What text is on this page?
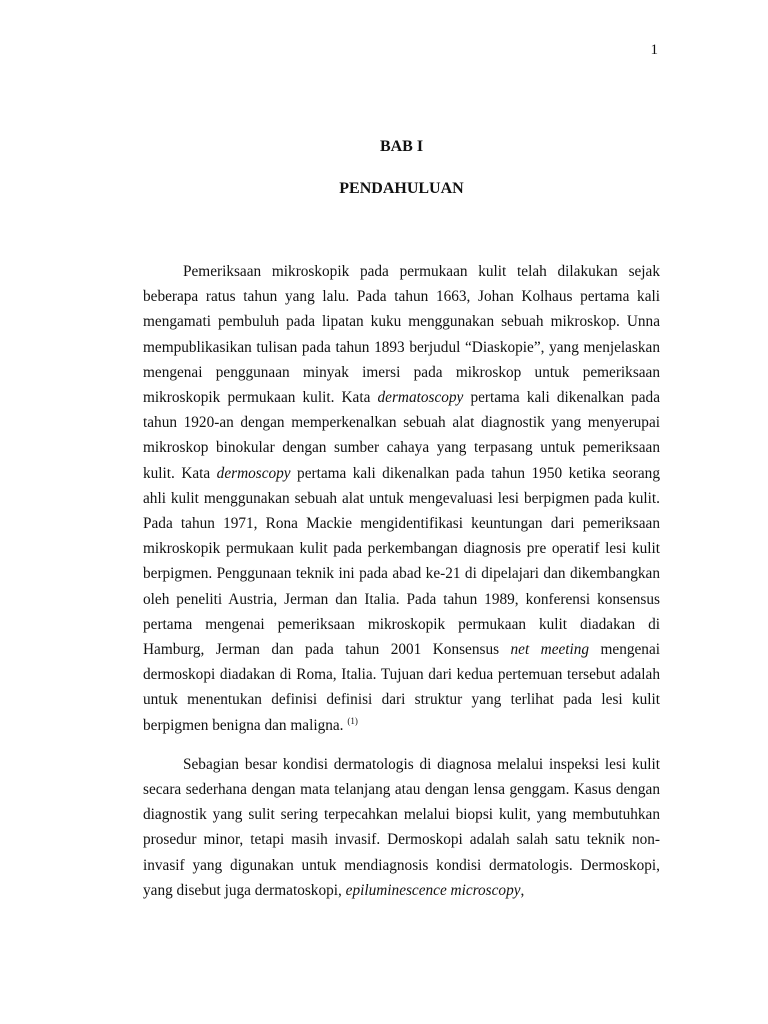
1
BAB I
PENDAHULUAN

Pemeriksaan mikroskopik pada permukaan kulit telah dilakukan sejak beberapa ratus tahun yang lalu. Pada tahun 1663, Johan Kolhaus pertama kali mengamati pembuluh pada lipatan kuku menggunakan sebuah mikroskop. Unna mempublikasikan tulisan pada tahun 1893 berjudul “Diaskopie”, yang menjelaskan mengenai penggunaan minyak imersi pada mikroskop untuk pemeriksaan mikroskopik permukaan kulit. Kata dermatoscopy pertama kali dikenalkan pada tahun 1920-an dengan memperkenalkan sebuah alat diagnostik yang menyerupai mikroskop binokular dengan sumber cahaya yang terpasang untuk pemeriksaan kulit. Kata dermoscopy pertama kali dikenalkan pada tahun 1950 ketika seorang ahli kulit menggunakan sebuah alat untuk mengevaluasi lesi berpigmen pada kulit. Pada tahun 1971, Rona Mackie mengidentifikasi keuntungan dari pemeriksaan mikroskopik permukaan kulit pada perkembangan diagnosis pre operatif lesi kulit berpigmen. Penggunaan teknik ini pada abad ke-21 di dipelajari dan dikembangkan oleh peneliti Austria, Jerman dan Italia. Pada tahun 1989, konferensi konsensus pertama mengenai pemeriksaan mikroskopik permukaan kulit diadakan di Hamburg, Jerman dan pada tahun 2001 Konsensus net meeting mengenai dermoskopi diadakan di Roma, Italia. Tujuan dari kedua pertemuan tersebut adalah untuk menentukan definisi definisi dari struktur yang terlihat pada lesi kulit berpigmen benigna dan maligna. $^{(1)}$

Sebagian besar kondisi dermatologis di diagnosa melalui inspeksi lesi kulit secara sederhana dengan mata telanjang atau dengan lensa genggam. Kasus dengan diagnostik yang sulit sering terpecahkan melalui biopsi kulit, yang membutuhkan prosedur minor, tetapi masih invasif. Dermoskopi adalah salah satu teknik non-invasif yang digunakan untuk mendiagnosis kondisi dermatologis. Dermoskopi, yang disebut juga dermatoskopi, epiluminescence microscopy,
